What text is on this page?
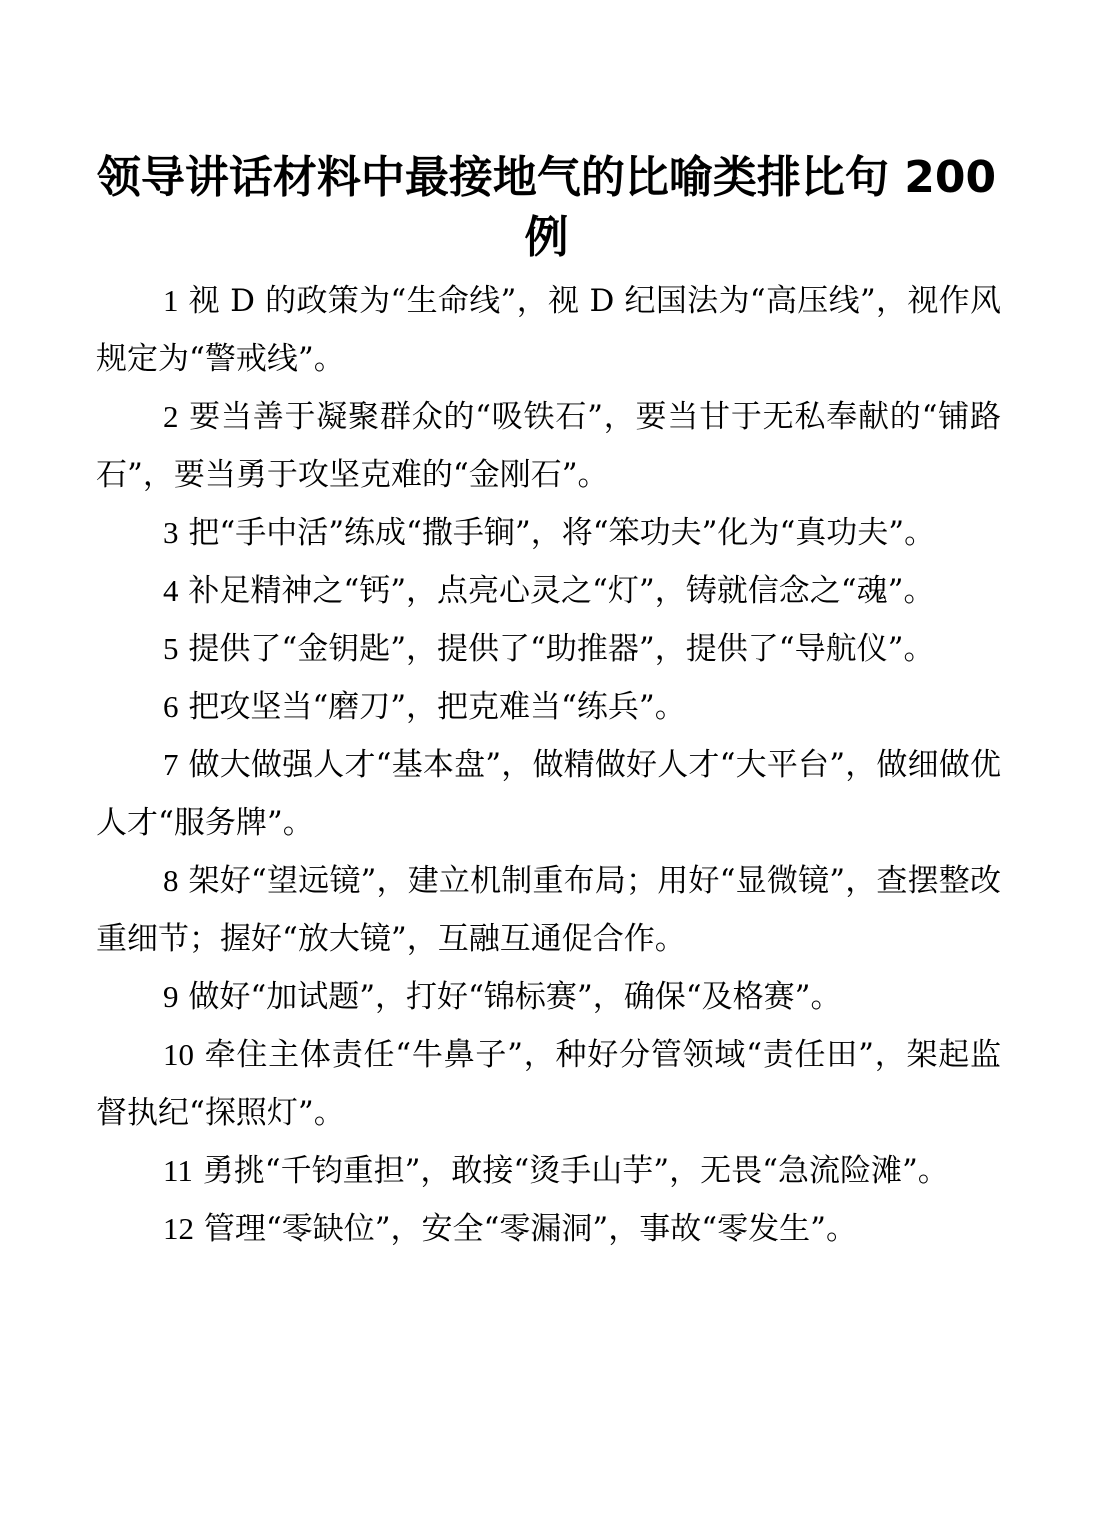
领导讲话材料中最接地气的比喻类排比句 200 例

1 视 D 的政策为“生命线”，视 D 纪国法为“高压线”，视作风规定为“警戒线”。

2 要当善于凝聚群众的“吸铁石”，要当甘于无私奉献的“铺路石”，要当勇于攻坚克难的“金刚石”。

3 把“手中活”练成“撒手锏”，将“笨功夫”化为“真功夫”。

4 补足精神之“钙”，点亮心灵之“灯”，铸就信念之“魂”。

5 提供了“金钥匙”，提供了“助推器”，提供了“导航仪”。

6 把攻坚当“磨刀”，把克难当“练兵”。

7 做大做强人才“基本盘”，做精做好人才“大平台”，做细做优人才“服务牌”。

8 架好“望远镜”，建立机制重布局；用好“显微镜”，查摆整改重细节；握好“放大镜”，互融互通促合作。

9 做好“加试题”，打好“锦标赛”，确保“及格赛”。

10 牵住主体责任“牛鼻子”，种好分管领域“责任田”，架起监督执纪“探照灯”。

11 勇挑“千钧重担”，敢接“烫手山芋”，无畏“急流险滩”。

12 管理“零缺位”，安全“零漏洞”，事故“零发生”。
